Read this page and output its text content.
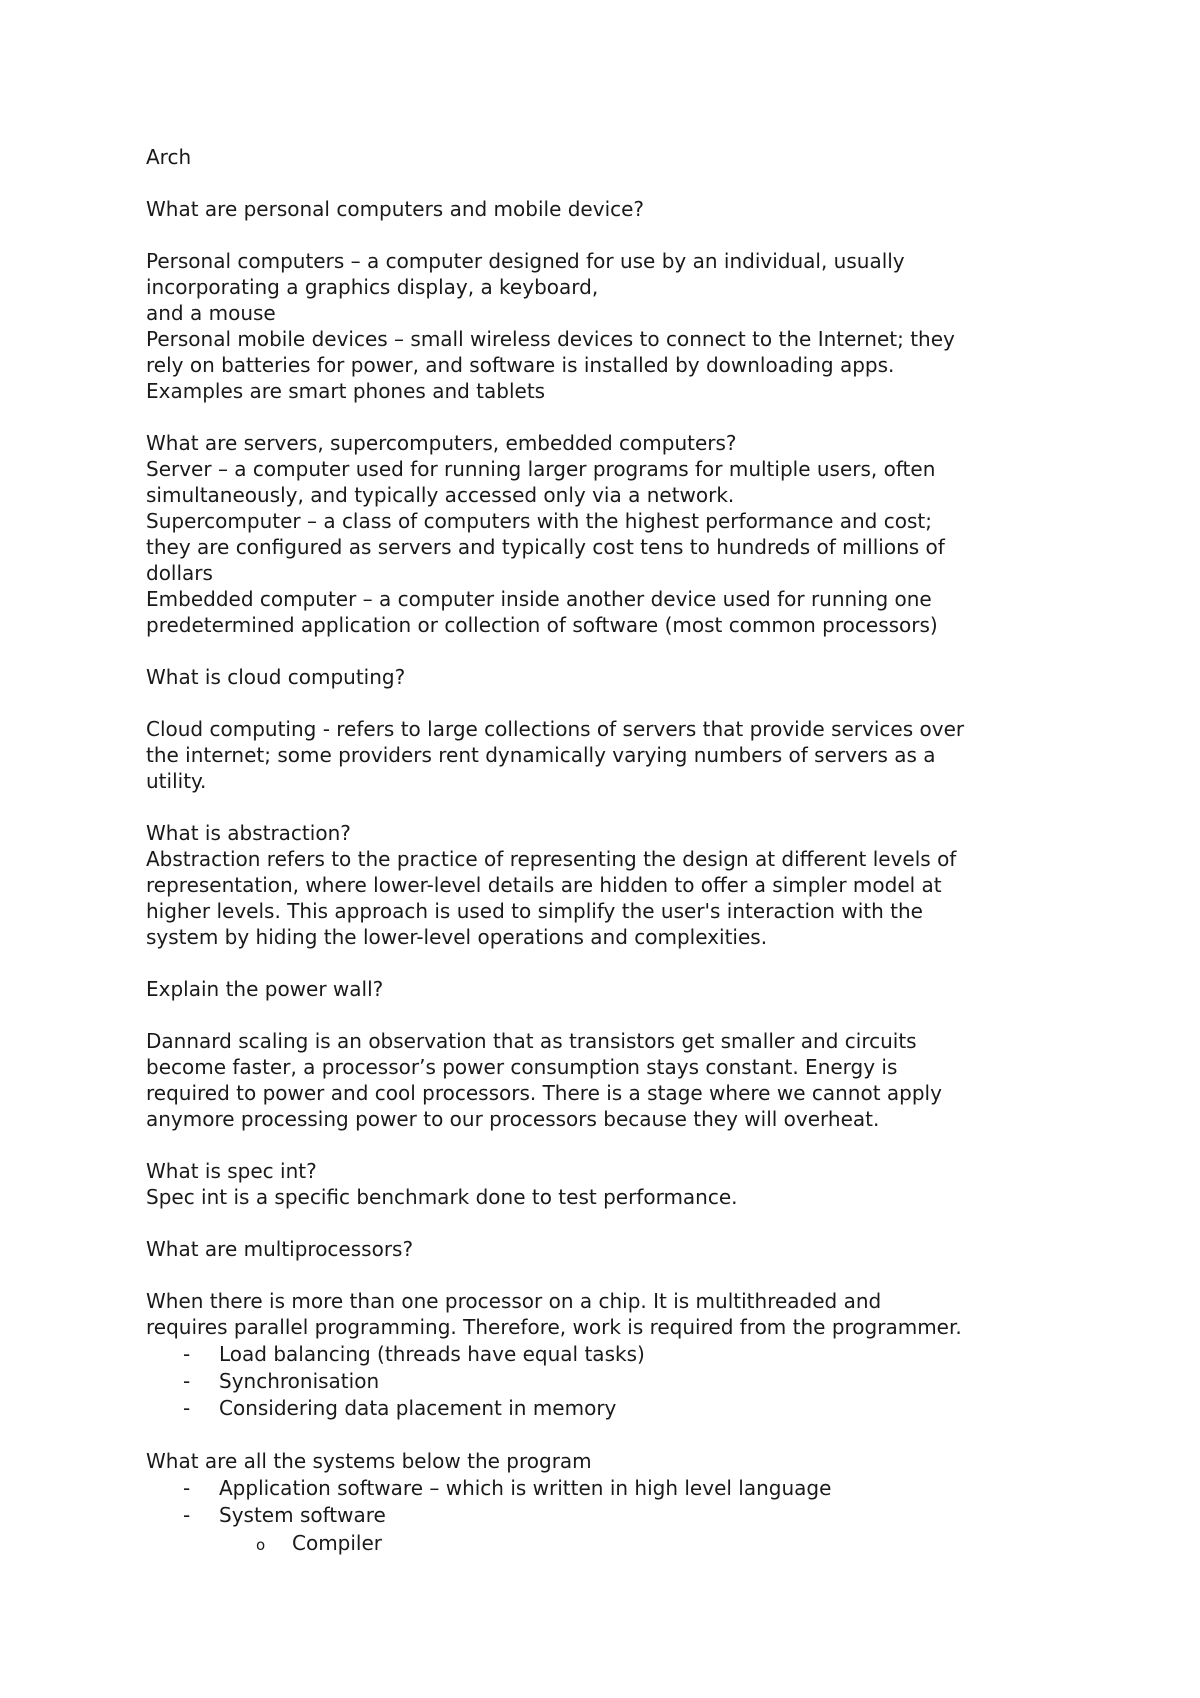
Arch
What are personal computers and mobile device?
Personal computers – a computer designed for use by an individual, usually
incorporating a graphics display, a keyboard,
and a mouse
Personal mobile devices – small wireless devices to connect to the Internet; they
rely on batteries for power, and software is installed by downloading apps.
Examples are smart phones and tablets
What are servers, supercomputers, embedded computers?
Server – a computer used for running larger programs for multiple users, often
simultaneously, and typically accessed only via a network.
Supercomputer – a class of computers with the highest performance and cost;
they are configured as servers and typically cost tens to hundreds of millions of
dollars
Embedded computer – a computer inside another device used for running one
predetermined application or collection of software (most common processors)
What is cloud computing?
Cloud computing - refers to large collections of servers that provide services over
the internet; some providers rent dynamically varying numbers of servers as a
utility.
What is abstraction?
Abstraction refers to the practice of representing the design at different levels of
representation, where lower-level details are hidden to offer a simpler model at
higher levels. This approach is used to simplify the user's interaction with the
system by hiding the lower-level operations and complexities.
Explain the power wall?
Dannard scaling is an observation that as transistors get smaller and circuits
become faster, a processor’s power consumption stays constant. Energy is
required to power and cool processors. There is a stage where we cannot apply
anymore processing power to our processors because they will overheat.
What is spec int?
Spec int is a specific benchmark done to test performance.
What are multiprocessors?
When there is more than one processor on a chip. It is multithreaded and
requires parallel programming. Therefore, work is required from the programmer.
- Load balancing (threads have equal tasks)
- Synchronisation
- Considering data placement in memory
What are all the systems below the program
- Application software – which is written in high level language
- System software
o Compiler
